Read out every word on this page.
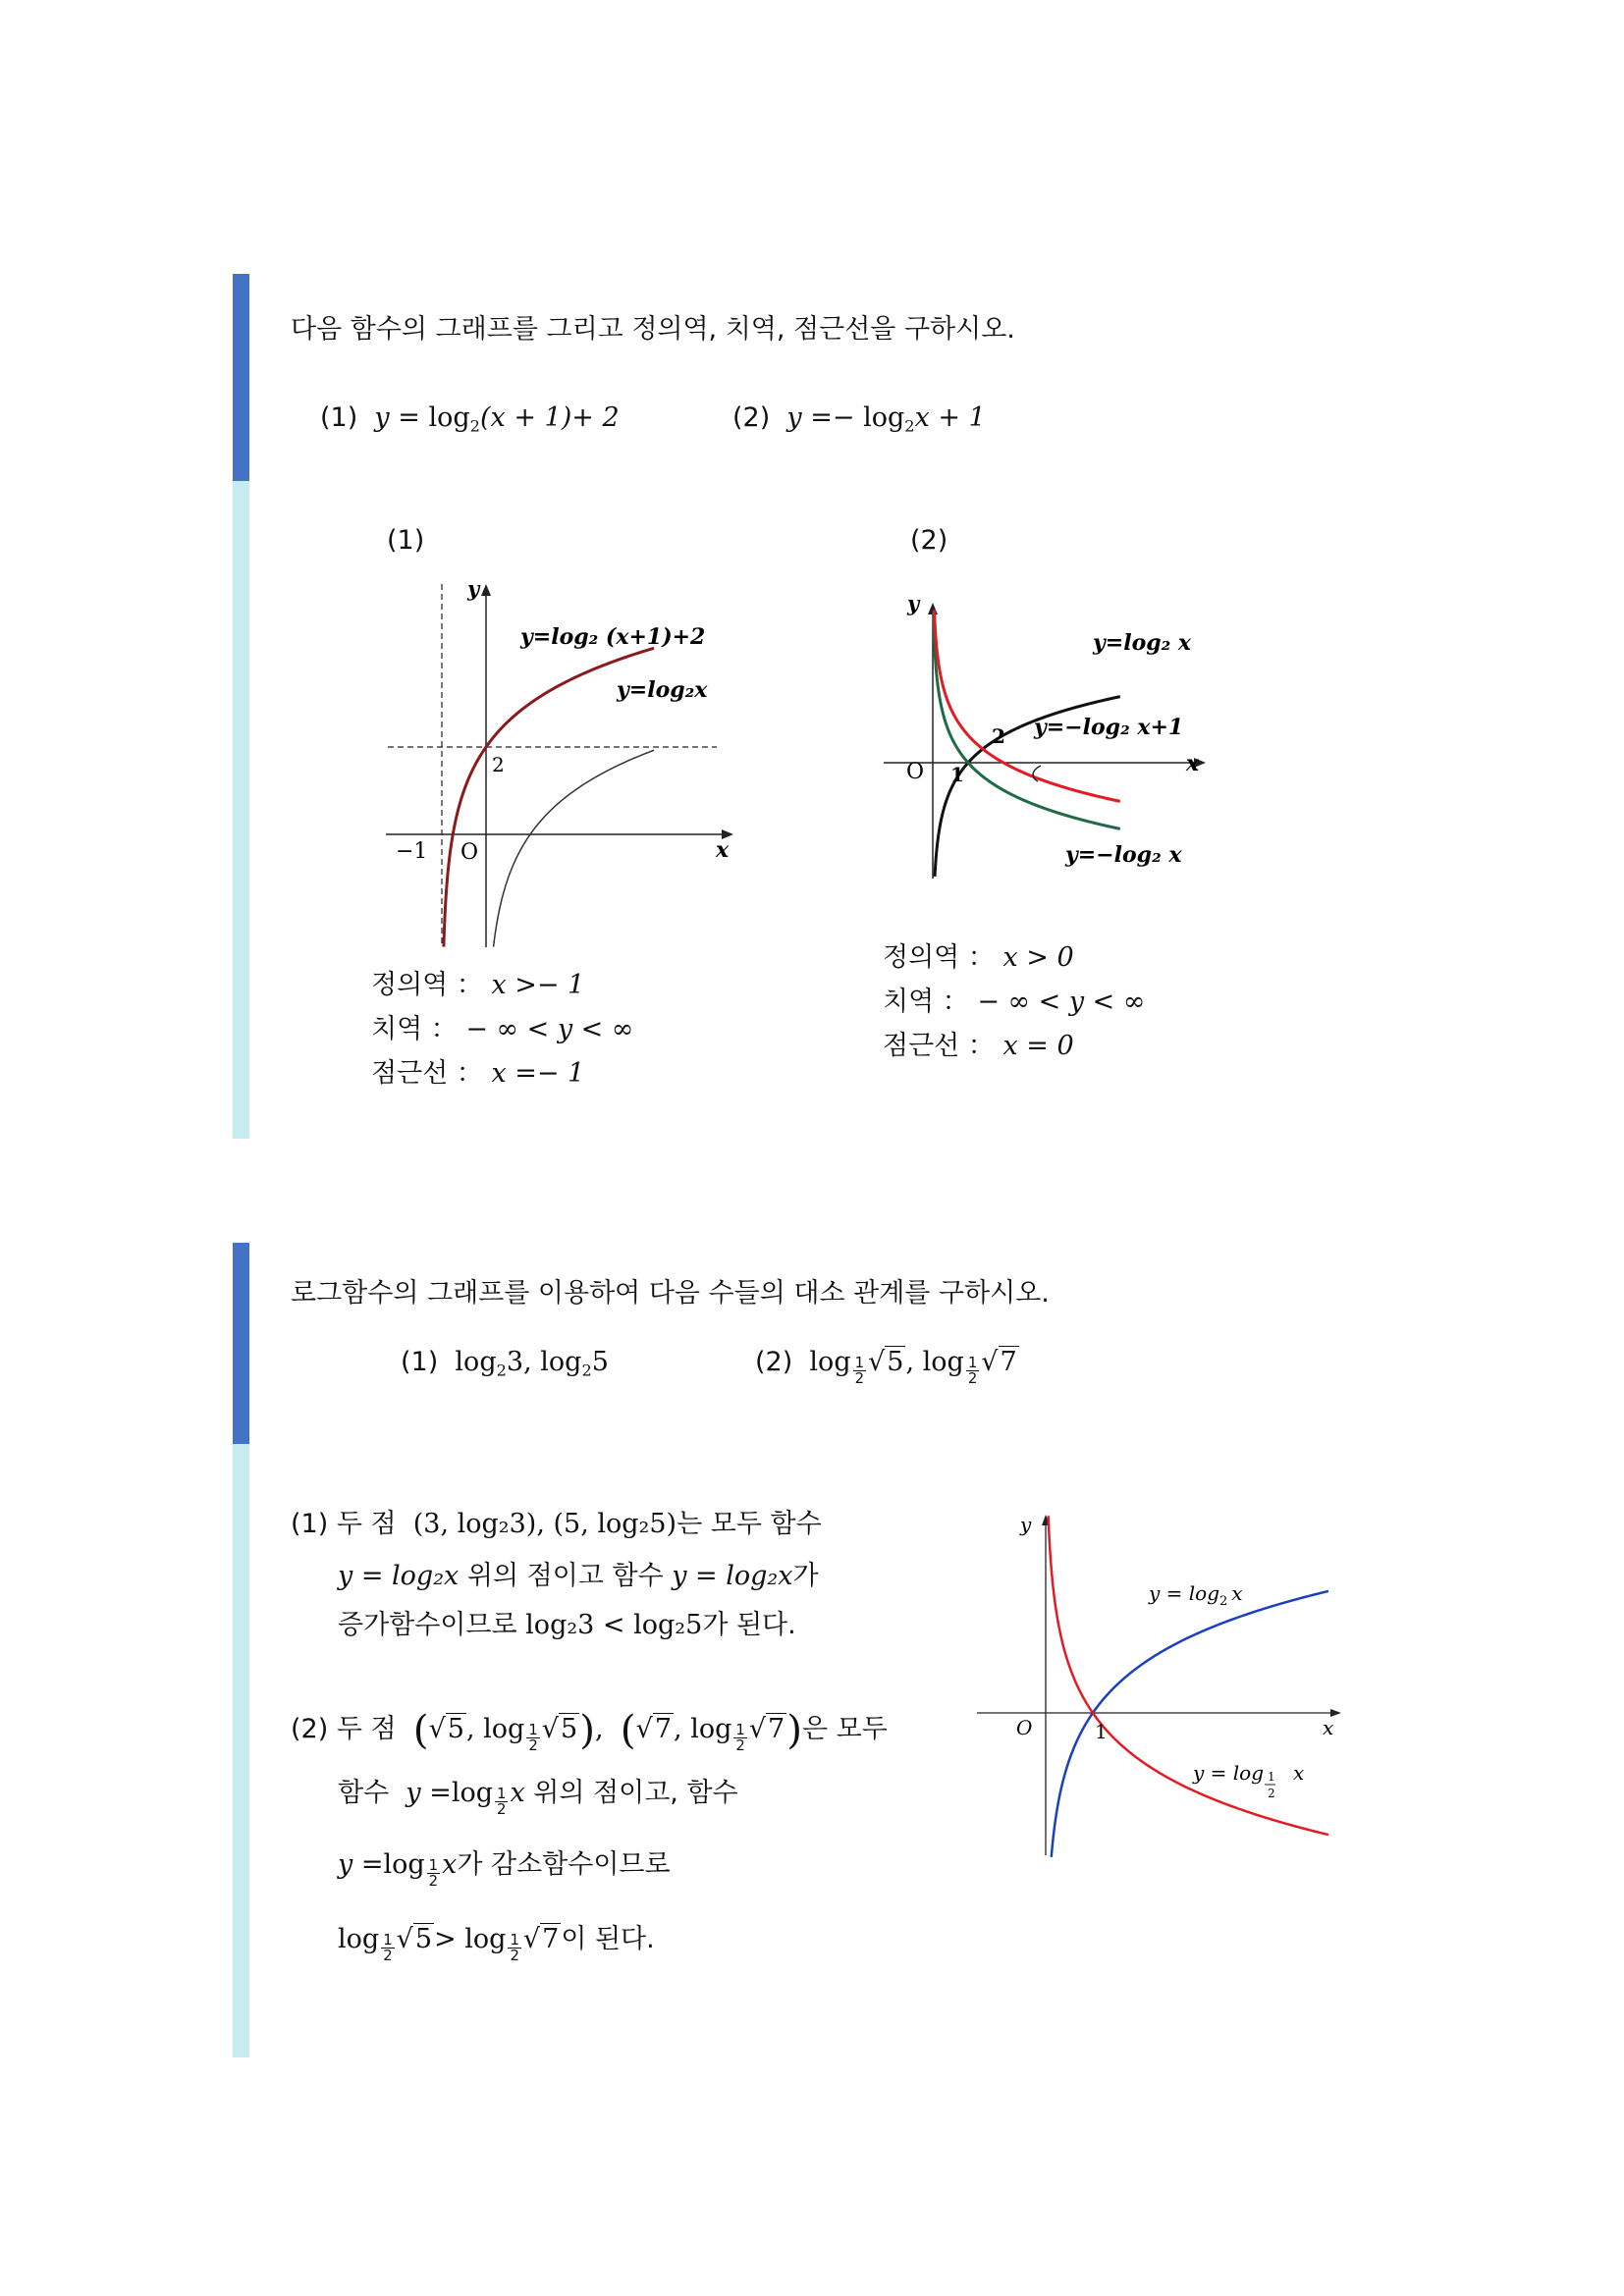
다음 함수의 그래프를 그리고 정의역, 치역, 점근선을 구하시오.
(1) $y = \log_2(x + 1)+ 2$	(2) $y =- \log_2x + 1$
(1)	(2)
y
x
y=log₂ (x+1)+2
y=log₂x
2
−1 O
y
x
y=log₂ x
y=−log₂ x+1
y=−log₂ x
2
1
O
정의역 ： x >− 1
치역 ： − ∞ < y < ∞
점근선 ： x =− 1
정의역 ： x > 0
치역 ： − ∞ < y < ∞
점근선 ： x = 0
로그함수의 그래프를 이용하여 다음 수들의 대소 관계를 구하시오.
(1) $\log_23$, $\log_25$	(2) $\log \frac{1}{2} √5$, $\log \frac{1}{2} √7$
(1) 두 점 (3, log₂3), (5, log₂5)는 모두 함수
y = log₂x 위의 점이고 함수 y = log₂x가
증가함수이므로 log₂3 < log₂5가 된다.
(2) 두 점 (√5, $\log \frac{1}{2} √5$), (√7, $\log \frac{1}{2} √7$)은 모두
함수 $y =\log \frac{1}{2}$ x 위의 점이고, 함수
$y =\log \frac{1}{2}$ x가 감소함수이므로
$\log \frac{1}{2} √5> \log \frac{1}{2} √7$이 된다.
y
x
O	1
$y = \log_2 x$
y = log x
1
2
